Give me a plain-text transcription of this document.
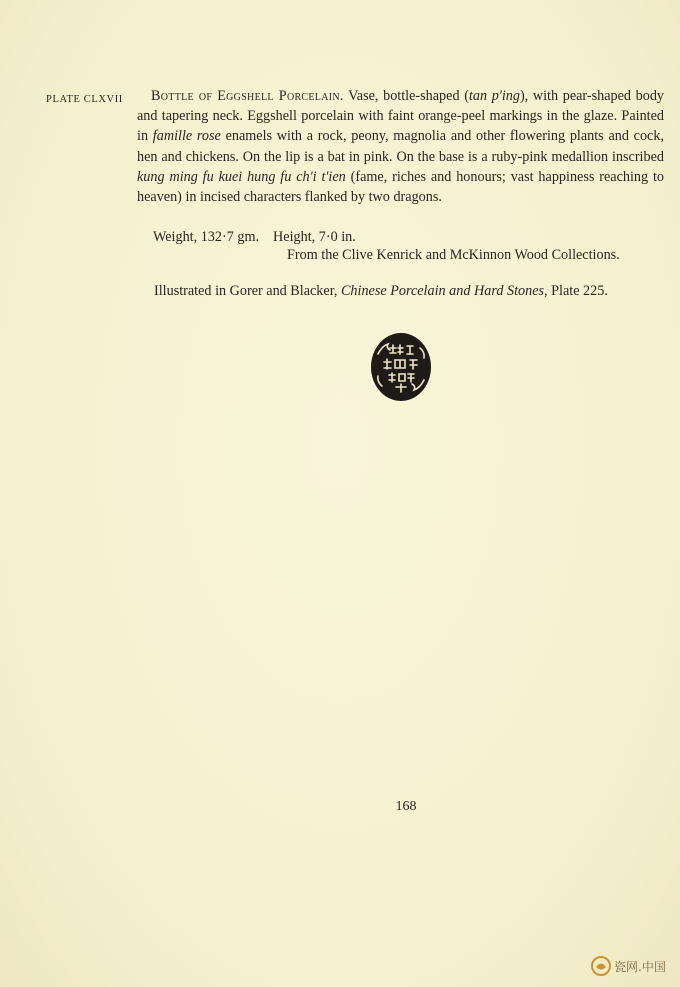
PLATE CLXVII	Bottle of Eggshell Porcelain. Vase, bottle-shaped (tan p'ing), with pear-shaped body and tapering neck. Eggshell porcelain with faint orange-peel markings in the glaze. Painted in famille rose enamels with a rock, peony, magnolia and other flowering plants and cock, hen and chickens. On the lip is a bat in pink. On the base is a ruby-pink medallion inscribed kung ming fu kuei hung fu ch'i t'ien (fame, riches and honours; vast happiness reaching to heaven) in incised characters flanked by two dragons.
Weight, 132·7 gm. Height, 7·0 in.
From the Clive Kenrick and McKinnon Wood Collections.
Illustrated in Gorer and Blacker, Chinese Porcelain and Hard Stones, Plate 225.
168
瓷网.中国
